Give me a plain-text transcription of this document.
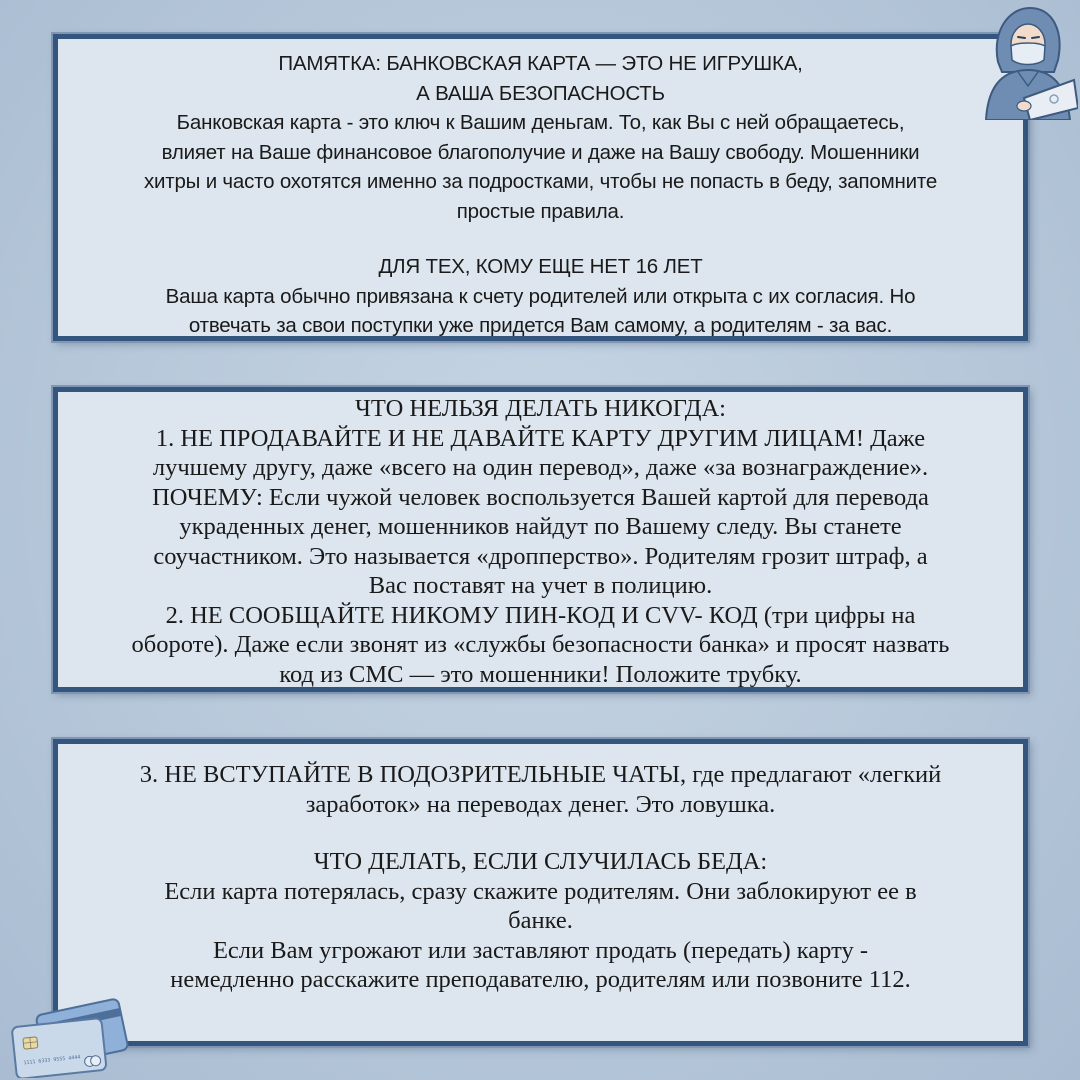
ПАМЯТКА: БАНКОВСКАЯ КАРТА — ЭТО НЕ ИГРУШКА,
А ВАША БЕЗОПАСНОСТЬ
Банковская карта - это ключ к Вашим деньгам. То, как Вы с ней обращаетесь,
влияет на Ваше финансовое благополучие и даже на Вашу свободу. Мошенники
хитры и часто охотятся именно за подростками, чтобы не попасть в беду, запомните
простые правила.
ДЛЯ ТЕХ, КОМУ ЕЩЕ НЕТ 16 ЛЕТ
Ваша карта обычно привязана к счету родителей или открыта с их согласия. Но
отвечать за свои поступки уже придется Вам самому, а родителям - за вас.
ЧТО НЕЛЬЗЯ ДЕЛАТЬ НИКОГДА:
1. НЕ ПРОДАВАЙТЕ И НЕ ДАВАЙТЕ КАРТУ ДРУГИМ ЛИЦАМ! Даже
лучшему другу, даже «всего на один перевод», даже «за вознаграждение».
ПОЧЕМУ: Если чужой человек воспользуется Вашей картой для перевода
украденных денег, мошенников найдут по Вашему следу. Вы станете
соучастником. Это называется «дропперство». Родителям грозит штраф, а
Вас поставят на учет в полицию.
2. НЕ СООБЩАЙТЕ НИКОМУ ПИН-КОД И CVV- КОД (три цифры на
обороте). Даже если звонят из «службы безопасности банка» и просят назвать
код из СМС — это мошенники! Положите трубку.
3. НЕ ВСТУПАЙТЕ В ПОДОЗРИТЕЛЬНЫЕ ЧАТЫ, где предлагают «легкий
заработок» на переводах денег. Это ловушка.
ЧТО ДЕЛАТЬ, ЕСЛИ СЛУЧИЛАСЬ БЕДА:
Если карта потерялась, сразу скажите родителям. Они заблокируют ее в
банке.
Если Вам угрожают или заставляют продать (передать) карту -
немедленно расскажите преподавателю, родителям или позвоните 112.
1111 6333 9555 4444
